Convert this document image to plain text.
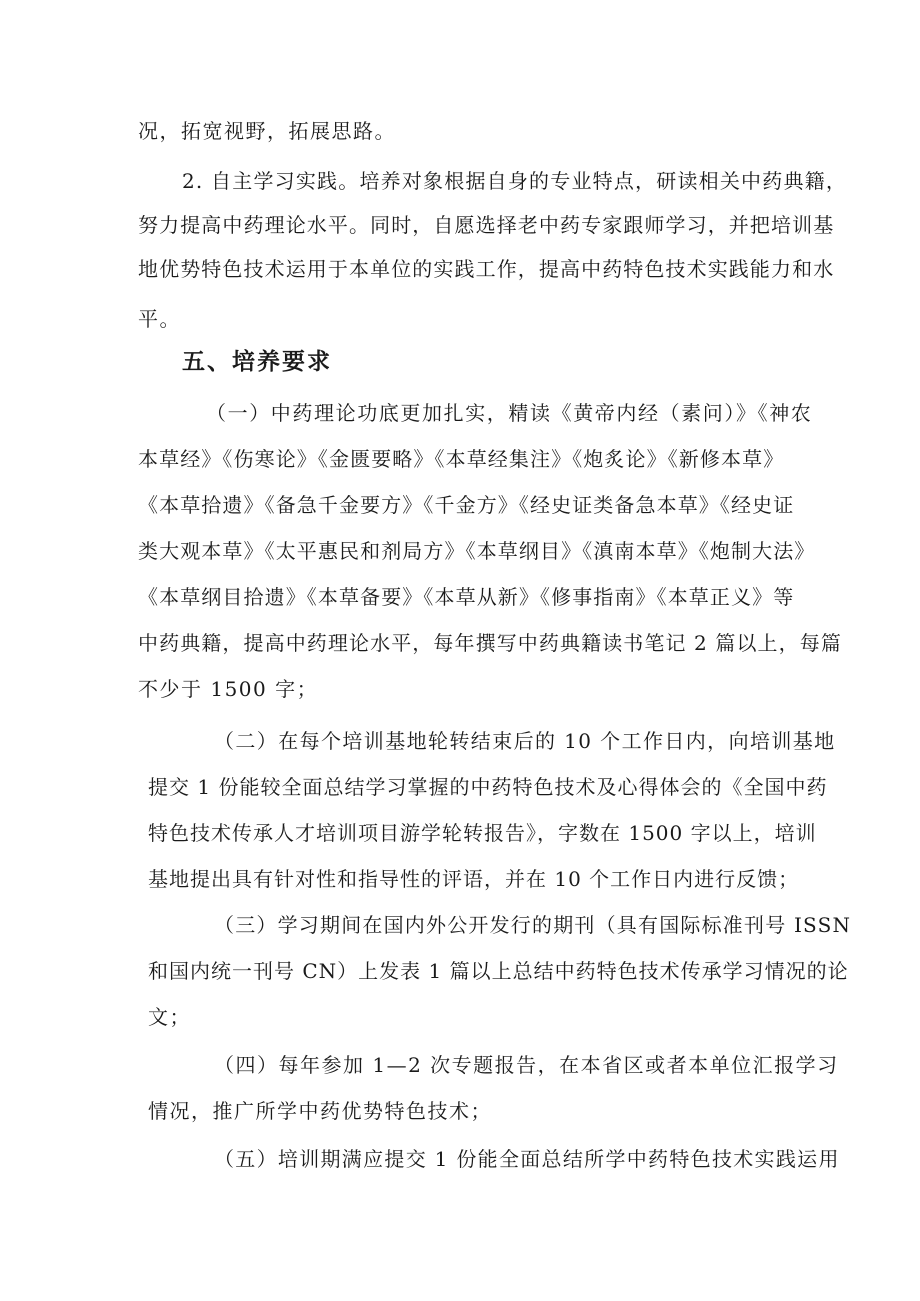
况，拓宽视野，拓展思路。
2. 自主学习实践。培养对象根据自身的专业特点，研读相关中药典籍，
努力提高中药理论水平。同时，自愿选择老中药专家跟师学习，并把培训基
地优势特色技术运用于本单位的实践工作，提高中药特色技术实践能力和水
平。
五、培养要求
（一）中药理论功底更加扎实，精读《黄帝内经（素问）》《神农
本草经》《伤寒论》《金匮要略》《本草经集注》《炮炙论》《新修本草》
《本草拾遗》《备急千金要方》《千金方》《经史证类备急本草》《经史证
类大观本草》《太平惠民和剂局方》《本草纲目》《滇南本草》《炮制大法》
《本草纲目拾遗》《本草备要》《本草从新》《修事指南》《本草正义》等
中药典籍，提高中药理论水平，每年撰写中药典籍读书笔记 2 篇以上，每篇
不少于 1500 字；
（二）在每个培训基地轮转结束后的 10 个工作日内，向培训基地
提交 1 份能较全面总结学习掌握的中药特色技术及心得体会的《全国中药
特色技术传承人才培训项目游学轮转报告》，字数在 1500 字以上，培训
基地提出具有针对性和指导性的评语，并在 10 个工作日内进行反馈；
（三）学习期间在国内外公开发行的期刊（具有国际标准刊号 ISSN
和国内统一刊号 CN）上发表 1 篇以上总结中药特色技术传承学习情况的论
文；
（四）每年参加 1—2 次专题报告，在本省区或者本单位汇报学习
情况，推广所学中药优势特色技术；
（五）培训期满应提交 1 份能全面总结所学中药特色技术实践运用
